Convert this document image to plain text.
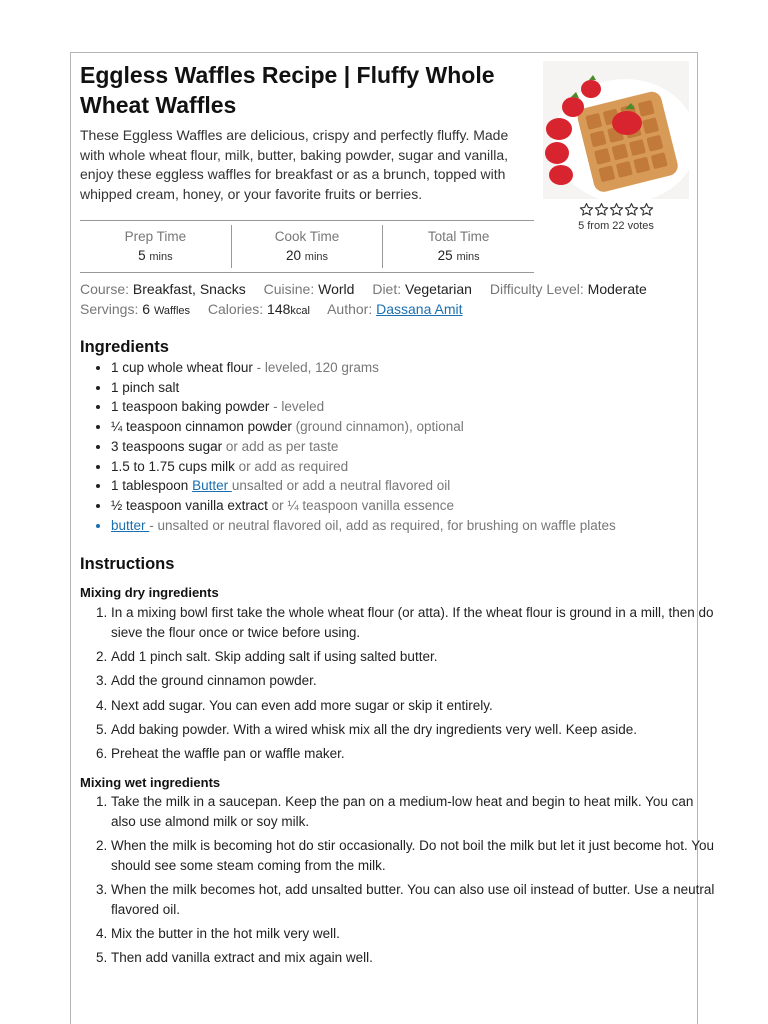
Eggless Waffles Recipe | Fluffy Whole Wheat Waffles

These Eggless Waffles are delicious, crispy and perfectly fluffy. Made with whole wheat flour, milk, butter, baking powder, sugar and vanilla, enjoy these eggless waffles for breakfast or as a brunch, topped with whipped cream, honey, or your favorite fruits or berries.

5 from 22 votes
Prep Time
5 mins
Cook Time
20 mins
Total Time
25 mins
Course: Breakfast, Snacks Cuisine: World Diet: Vegetarian Difficulty Level: Moderate
Servings: 6 Waffles Calories: 148kcal Author: Dassana Amit
Ingredients
• 1 cup whole wheat flour - leveled, 120 grams
• 1 pinch salt
• 1 teaspoon baking powder - leveled
• ¼ teaspoon cinnamon powder (ground cinnamon), optional
• 3 teaspoons sugar or add as per taste
• 1.5 to 1.75 cups milk or add as required
• 1 tablespoon Butter unsalted or add a neutral flavored oil
• ½ teaspoon vanilla extract or ¼ teaspoon vanilla essence
• butter - unsalted or neutral flavored oil, add as required, for brushing on waffle plates
Instructions
Mixing dry ingredients
1. In a mixing bowl first take the whole wheat flour (or atta). If the wheat flour is ground in a mill, then do sieve the flour once or twice before using.
2. Add 1 pinch salt. Skip adding salt if using salted butter.
3. Add the ground cinnamon powder.
4. Next add sugar. You can even add more sugar or skip it entirely.
5. Add baking powder. With a wired whisk mix all the dry ingredients very well. Keep aside.
6. Preheat the waffle pan or waffle maker.
Mixing wet ingredients
1. Take the milk in a saucepan. Keep the pan on a medium-low heat and begin to heat milk. You can also use almond milk or soy milk.
2. When the milk is becoming hot do stir occasionally. Do not boil the milk but let it just become hot. You should see some steam coming from the milk.
3. When the milk becomes hot, add unsalted butter. You can also use oil instead of butter. Use a neutral flavored oil.
4. Mix the butter in the hot milk very well.
5. Then add vanilla extract and mix again well.
